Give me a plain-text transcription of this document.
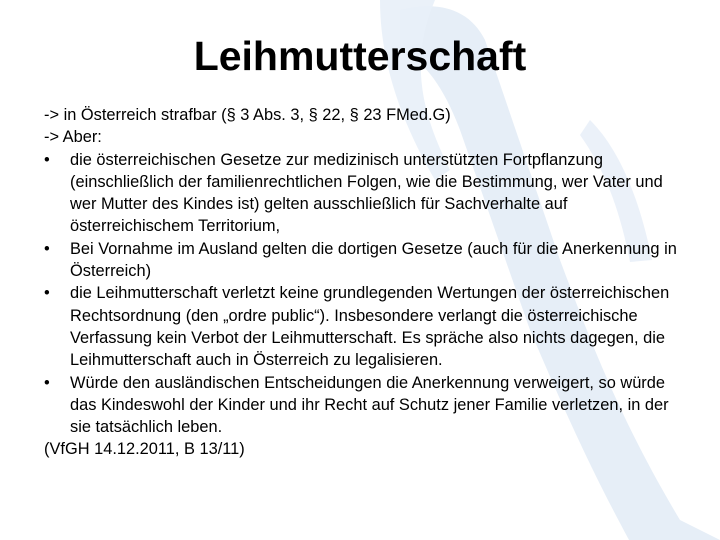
Leihmutterschaft

-> in Österreich strafbar (§ 3 Abs. 3, § 22, § 23 FMed.G)

-> Aber:

• die österreichischen Gesetze zur medizinisch unterstützten Fortpflanzung (einschließlich der familienrechtlichen Folgen, wie die Bestimmung, wer Vater und wer Mutter des Kindes ist) gelten ausschließlich für Sachverhalte auf österreichischem Territorium,
• Bei Vornahme im Ausland gelten die dortigen Gesetze (auch für die Anerkennung in Österreich)
• die Leihmutterschaft verletzt keine grundlegenden Wertungen der österreichischen Rechtsordnung (den „ordre public“). Insbesondere verlangt die österreichische Verfassung kein Verbot der Leihmutterschaft. Es spräche also nichts dagegen, die Leihmutterschaft auch in Österreich zu legalisieren.
• Würde den ausländischen Entscheidungen die Anerkennung verweigert, so würde das Kindeswohl der Kinder und ihr Recht auf Schutz jener Familie verletzen, in der sie tatsächlich leben.

(VfGH 14.12.2011, B 13/11)
